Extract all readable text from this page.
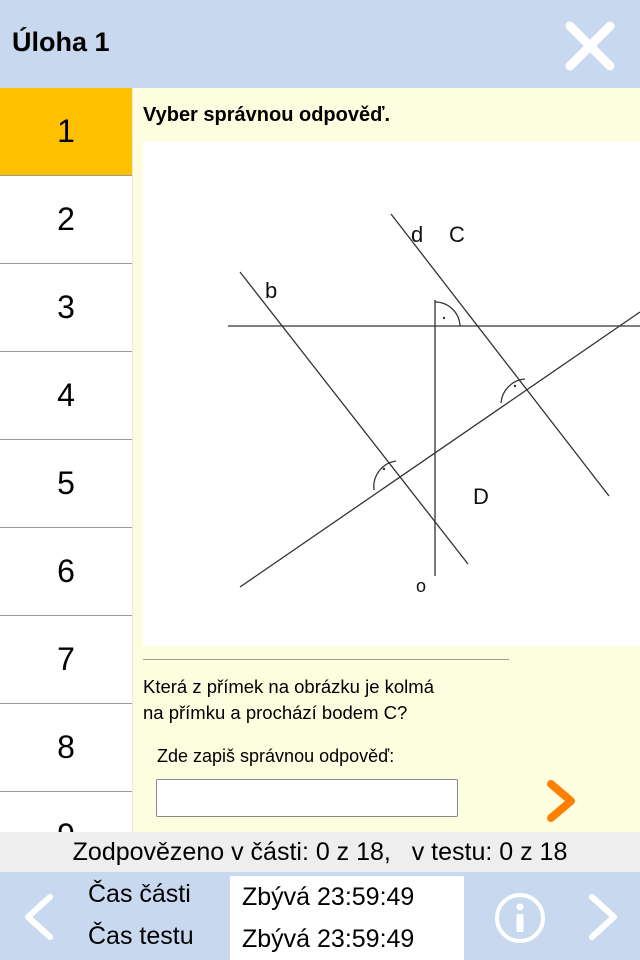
Úloha 1
1
2
3
4
5
6
7
8
Vyber správnou odpověď.
d C
b
D
o
Která z přímek na obrázku je kolmá
na přímku a prochází bodem C?
Zde zapiš správnou odpověď:
Zodpovězeno v části: 0 z 18,   v testu: 0 z 18
Čas části	Zbývá 23:59:49
Čas testu	Zbývá 23:59:49
